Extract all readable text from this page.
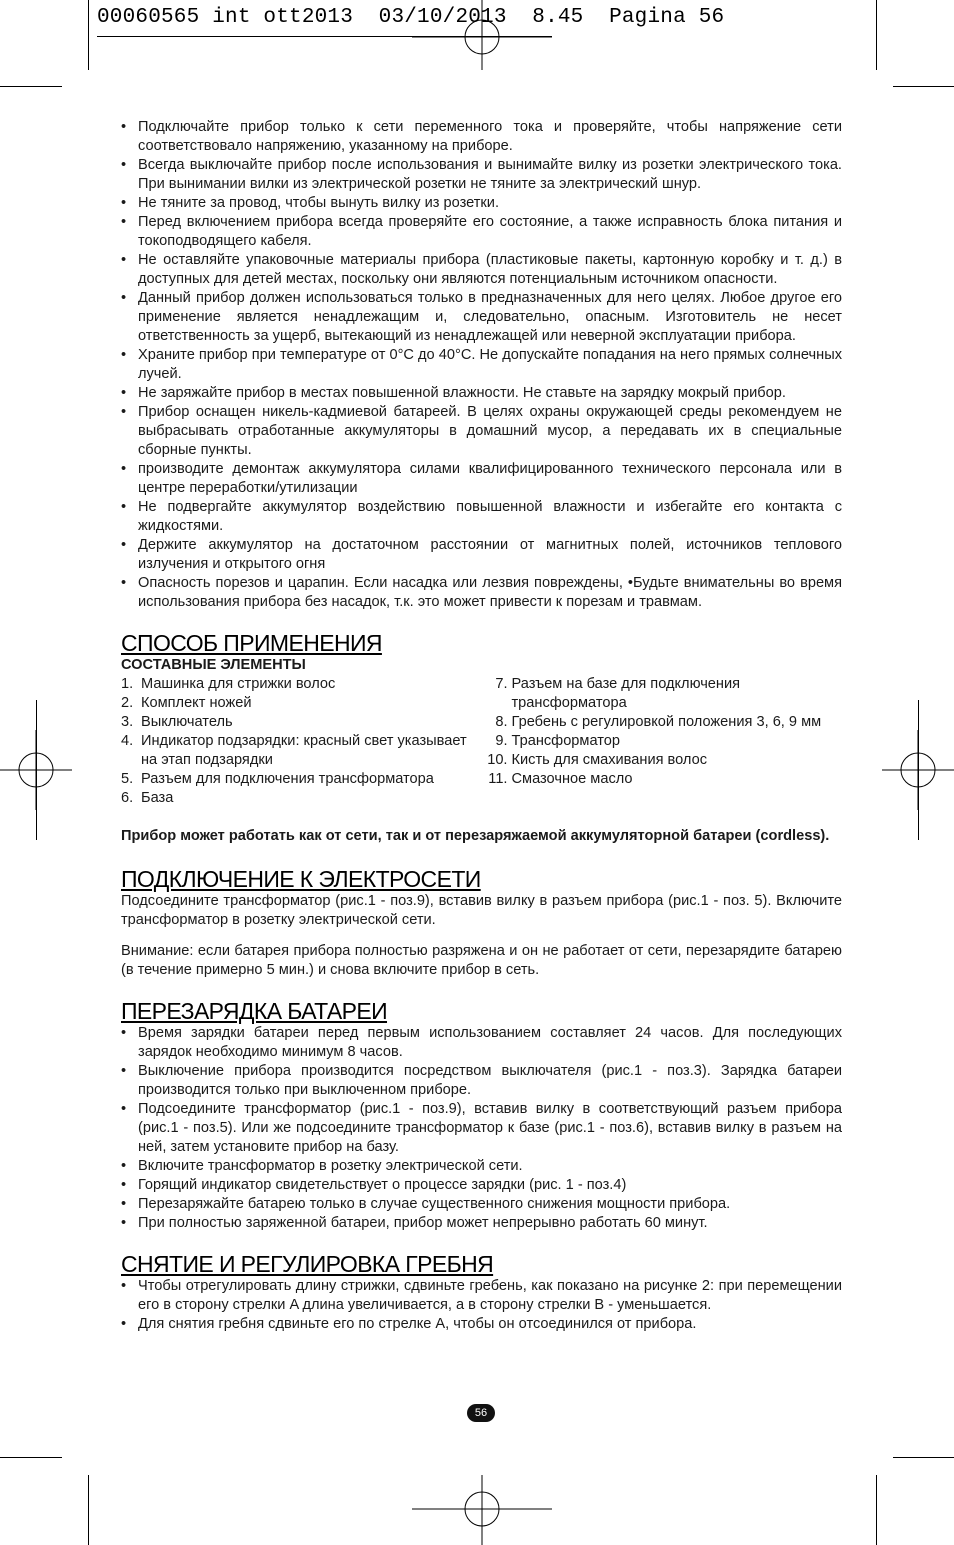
00060565 int ott2013  03/10/2013  8.45  Pagina 56
• Подключайте прибор только к сети переменного тока и проверяйте, чтобы напряжение сети соответствовало напряжению, указанному на приборе.
• Всегда выключайте прибор после использования и вынимайте вилку из розетки электрического тока. При вынимании вилки из электрической розетки не тяните за электрический шнур.
• Не тяните за провод, чтобы вынуть вилку из розетки.
• Перед включением прибора всегда проверяйте его состояние, а также исправность блока питания и токоподводящего кабеля.
• Не оставляйте упаковочные материалы прибора (пластиковые пакеты, картонную коробку и т. д.) в доступных для детей местах, поскольку они являются потенциальным источником опасности.
• Данный прибор должен использоваться только в предназначенных для него целях. Любое другое его применение является ненадлежащим и, следовательно, опасным. Изготовитель не несет ответственность за ущерб, вытекающий из ненадлежащей или неверной эксплуатации прибора.
• Храните прибор при температуре от 0°C до 40°C. Не допускайте попадания на него прямых солнечных лучей.
• Не заряжайте прибор в местах повышенной влажности. Не ставьте на зарядку мокрый прибор.
• Прибор оснащен никель-кадмиевой батареей. В целях охраны окружающей среды рекомендуем не выбрасывать отработанные аккумуляторы в домашний мусор, а передавать их в специальные сборные пункты.
• производите демонтаж аккумулятора силами квалифицированного технического персонала или в центре переработки/утилизации
• Не подвергайте аккумулятор воздействию повышенной влажности и избегайте его контакта с жидкостями.
• Держите аккумулятор на достаточном расстоянии от магнитных полей, источников теплового излучения и открытого огня
• Опасность порезов и царапин. Если насадка или лезвия повреждены, •Будьте внимательны во время использования прибора без насадок, т.к. это может привести к порезам и травмам.
СПОСОБ ПРИМЕНЕНИЯ
СОСТАВНЫЕ ЭЛЕМЕНТЫ
1. Машинка для стрижки волос
2. Комплект ножей
3. Выключатель
4. Индикатор подзарядки: красный свет указывает на этап подзарядки
5. Разъем для подключения трансформатора
6. База
7. Разъем на базе для подключения трансформатора
8. Гребень с регулировкой положения 3, 6, 9 мм
9. Трансформатор
10. Кисть для смахивания волос
11. Смазочное масло

Прибор может работать как от сети, так и от перезаряжаемой аккумуляторной батареи (cordless).

ПОДКЛЮЧЕНИЕ К ЭЛЕКТРОСЕТИ

Подсоедините трансформатор (рис.1 - поз.9), вставив вилку в разъем прибора (рис.1 - поз. 5). Включите трансформатор в розетку электрической сети.

Внимание: если батарея прибора полностью разряжена и он не работает от сети, перезарядите батарею (в течение примерно 5 мин.) и снова включите прибор в сеть.

ПЕРЕЗАРЯДКА БАТАРЕИ
• Время зарядки батареи перед первым использованием составляет 24 часов. Для последующих зарядок необходимо минимум 8 часов.
• Выключение прибора производится посредством выключателя (рис.1 - поз.3). Зарядка батареи производится только при выключенном приборе.
• Подсоедините трансформатор (рис.1 - поз.9), вставив вилку в соответствующий разъем прибора (рис.1 - поз.5). Или же подсоедините трансформатор к базе (рис.1 - поз.6), вставив вилку в разъем на ней, затем установите прибор на базу.
• Включите трансформатор в розетку электрической сети.
• Горящий индикатор свидетельствует о процессе зарядки (рис. 1 - поз.4)
• Перезаряжайте батарею только в случае существенного снижения мощности прибора.
• При полностью заряженной батареи, прибор может непрерывно работать 60 минут.
СНЯТИЕ И РЕГУЛИРОВКА ГРЕБНЯ
• Чтобы отрегулировать длину стрижки, сдвиньте гребень, как показано на рисунке 2: при перемещении его в сторону стрелки A длина увеличивается, а в сторону стрелки B - уменьшается.
• Для снятия гребня сдвиньте его по стрелке A, чтобы он отсоединился от прибора.
56
